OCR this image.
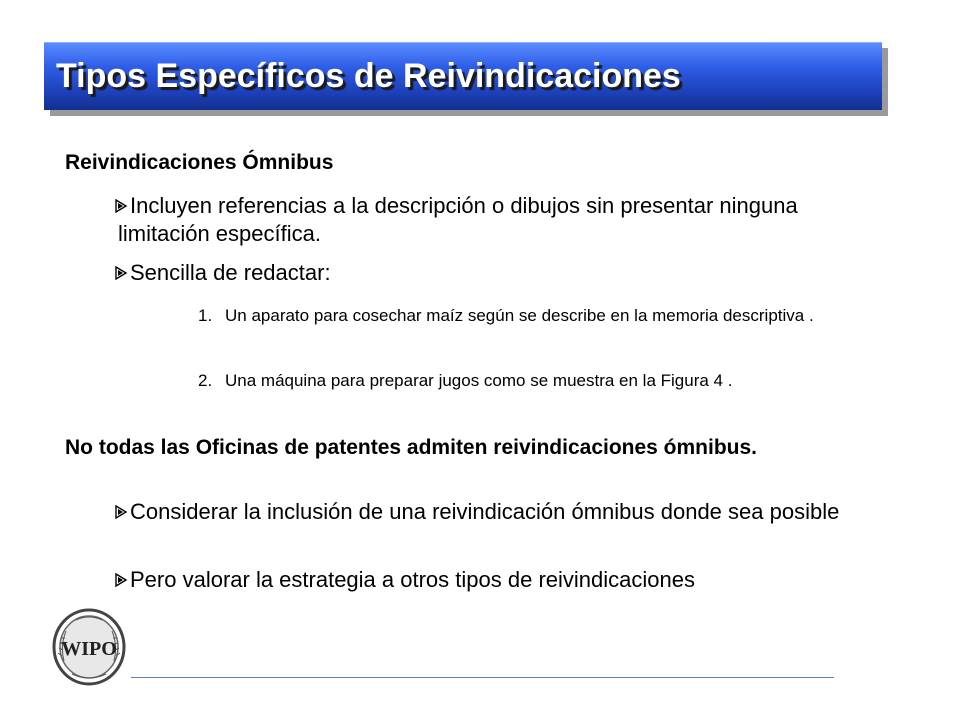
Tipos Específicos de Reivindicaciones
Reivindicaciones Ómnibus
Incluyen referencias a la descripción o dibujos sin presentar ninguna limitación específica.
Sencilla de redactar:
1. Un aparato para cosechar maíz según se describe en la memoria descriptiva .
2. Una máquina para preparar jugos como se muestra en la Figura 4 .
No todas las Oficinas de patentes admiten reivindicaciones ómnibus.
Considerar la inclusión de una reivindicación ómnibus donde sea posible
Pero valorar la estrategia a otros tipos de reivindicaciones
WIPO
